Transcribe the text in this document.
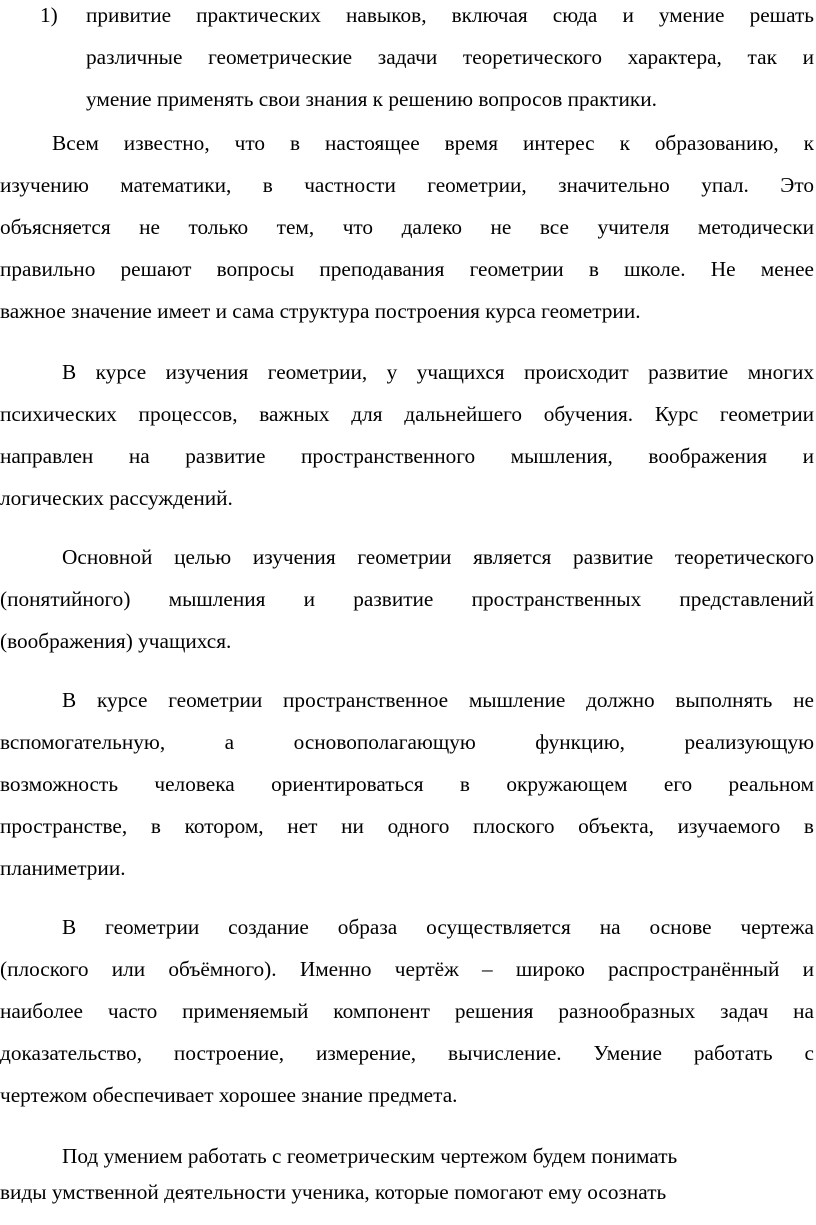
1) привитие практических навыков, включая сюда и умение решать
различные геометрические задачи теоретического характера, так и
умение применять свои знания к решению вопросов практики.
Всем известно, что в настоящее время интерес к образованию, к
изучению математики, в частности геометрии, значительно упал. Это
объясняется не только тем, что далеко не все учителя методически
правильно решают вопросы преподавания геометрии в школе. Не менее
важное значение имеет и сама структура построения курса геометрии.
В курсе изучения геометрии, у учащихся происходит развитие многих
психических процессов, важных для дальнейшего обучения. Курс геометрии
направлен на развитие пространственного мышления, воображения и
логических рассуждений.
Основной целью изучения геометрии является развитие теоретического
(понятийного) мышления и развитие пространственных представлений
(воображения) учащихся.
В курсе геометрии пространственное мышление должно выполнять не
вспомогательную, а основополагающую функцию, реализующую
возможность человека ориентироваться в окружающем его реальном
пространстве, в котором, нет ни одного плоского объекта, изучаемого в
планиметрии.
В геометрии создание образа осуществляется на основе чертежа
(плоского или объёмного). Именно чертёж – широко распространённый и
наиболее часто применяемый компонент решения разнообразных задач на
доказательство, построение, измерение, вычисление. Умение работать с
чертежом обеспечивает хорошее знание предмета.
Под умением работать с геометрическим чертежом будем понимать
виды умственной деятельности ученика, которые помогают ему осознать
